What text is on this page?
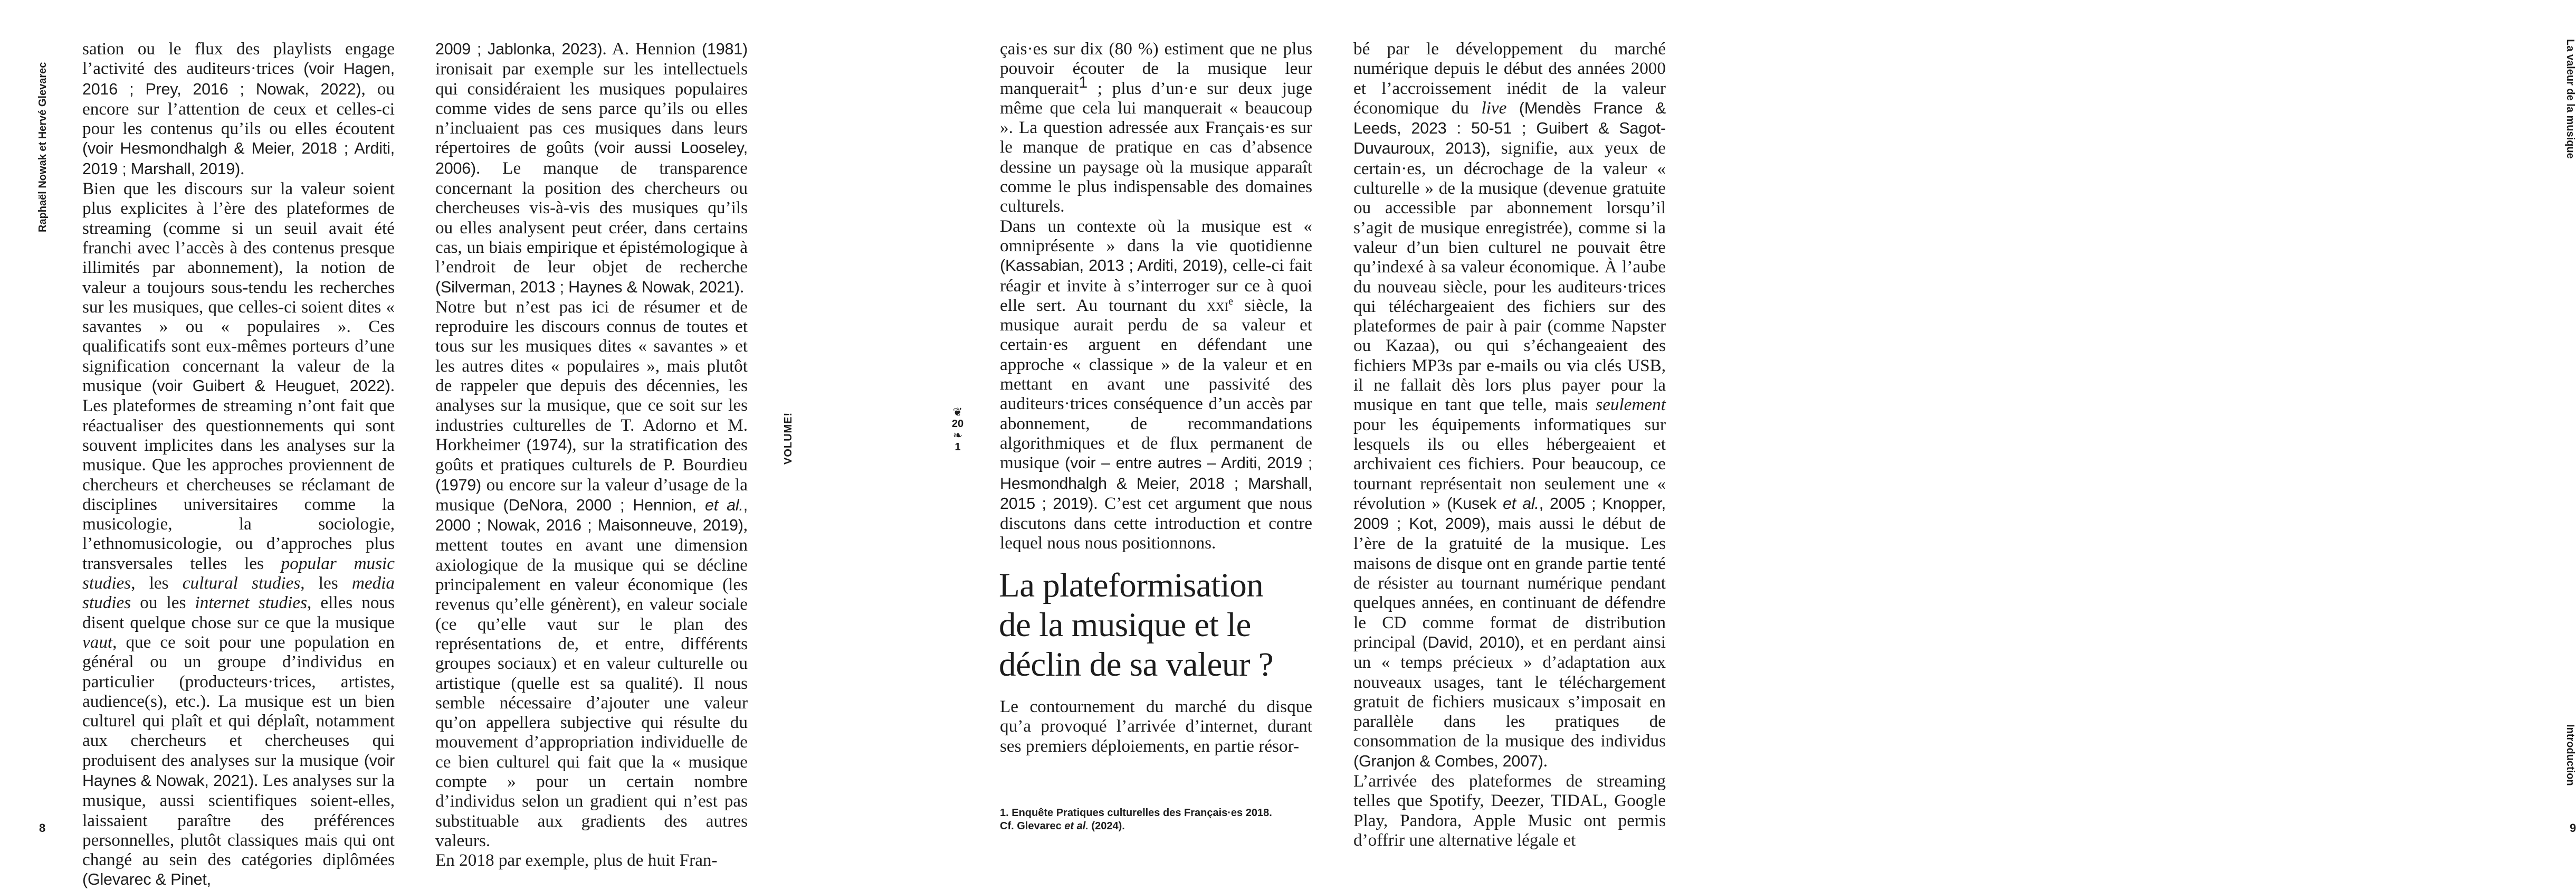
Raphaël Nowak et Hervé Glevarec

sation ou le flux des playlists engage l’activité des auditeurs·trices (voir Hagen, 2016 ; Prey, 2016 ; Nowak, 2022), ou encore sur l’attention de ceux et celles-ci pour les contenus qu’ils ou elles écoutent (voir Hesmondhalgh & Meier, 2018 ; Arditi, 2019 ; Marshall, 2019).

Bien que les discours sur la valeur soient plus explicites à l’ère des plateformes de streaming (comme si un seuil avait été franchi avec l’accès à des contenus presque illimités par abonnement), la notion de valeur a toujours sous-tendu les recherches sur les musiques, que celles-ci soient dites « savantes » ou « populaires ». Ces qualificatifs sont eux-mêmes porteurs d’une signification concernant la valeur de la musique (voir Guibert & Heuguet, 2022). Les plateformes de streaming n’ont fait que réactualiser des questionnements qui sont souvent implicites dans les analyses sur la musique. Que les approches proviennent de chercheurs et chercheuses se réclamant de disciplines universitaires comme la musicologie, la sociologie, l’ethnomusicologie, ou d’approches plus transversales telles les popular music studies, les cultural studies, les media studies ou les internet studies, elles nous disent quelque chose sur ce que la musique vaut, que ce soit pour une population en général ou un groupe d’individus en particulier (producteurs·trices, artistes, audience(s), etc.). La musique est un bien culturel qui plaît et qui déplaît, notamment aux chercheurs et chercheuses qui produisent des analyses sur la musique (voir Haynes & Nowak, 2021). Les analyses sur la musique, aussi scientifiques soient-elles, laissaient paraître des préférences personnelles, plutôt classiques mais qui ont changé au sein des catégories diplômées (Glevarec & Pinet,

2009 ; Jablonka, 2023). A. Hennion (1981) ironisait par exemple sur les intellectuels qui considéraient les musiques populaires comme vides de sens parce qu’ils ou elles n’incluaient pas ces musiques dans leurs répertoires de goûts (voir aussi Looseley, 2006). Le manque de transparence concernant la position des chercheurs ou chercheuses vis-à-vis des musiques qu’ils ou elles analysent peut créer, dans certains cas, un biais empirique et épistémologique à l’endroit de leur objet de recherche (Silverman, 2013 ; Haynes & Nowak, 2021).

Notre but n’est pas ici de résumer et de reproduire les discours connus de toutes et tous sur les musiques dites « savantes » et les autres dites « populaires », mais plutôt de rappeler que depuis des décennies, les analyses sur la musique, que ce soit sur les industries culturelles de T. Adorno et M. Horkheimer (1974), sur la stratification des goûts et pratiques culturels de P. Bourdieu (1979) ou encore sur la valeur d’usage de la musique (DeNora, 2000 ; Hennion, et al., 2000 ; Nowak, 2016 ; Maisonneuve, 2019), mettent toutes en avant une dimension axiologique de la musique qui se décline principalement en valeur économique (les revenus qu’elle génèrent), en valeur sociale (ce qu’elle vaut sur le plan des représentations de, et entre, différents groupes sociaux) et en valeur culturelle ou artistique (quelle est sa qualité). Il nous semble nécessaire d’ajouter une valeur qu’on appellera subjective qui résulte du mouvement d’appropriation individuelle de ce bien culturel qui fait que la « musique compte » pour un certain nombre d’individus selon un gradient qui n’est pas substituable aux gradients des autres valeurs.

En 2018 par exemple, plus de huit Fran-

VOLUME!
8
❦
20

❧
1
La valeur de la musique
Introduction
9

çais·es sur dix (80 %) estiment que ne plus pouvoir écouter de la musique leur manquerait$^1$ ; plus d’un·e sur deux juge même que cela lui manquerait « beaucoup ». La question adressée aux Français·es sur le manque de pratique en cas d’absence dessine un paysage où la musique apparaît comme le plus indispensable des domaines culturels.

Dans un contexte où la musique est « omniprésente » dans la vie quotidienne (Kassabian, 2013 ; Arditi, 2019), celle-ci fait réagir et invite à s’interroger sur ce à quoi elle sert. Au tournant du xxi$^e$ siècle, la musique aurait perdu de sa valeur et certain·es arguent en défendant une approche « classique » de la valeur et en mettant en avant une passivité des auditeurs·trices conséquence d’un accès par abonnement, de recommandations algorithmiques et de flux permanent de musique (voir – entre autres – Arditi, 2019 ; Hesmondhalgh & Meier, 2018 ; Marshall, 2015 ; 2019). C’est cet argument que nous discutons dans cette introduction et contre lequel nous nous positionnons.

La plateformisation
de la musique et le
déclin de sa valeur ?
Le contournement du marché du disque qu’a provoqué l’arrivée d’internet, durant ses premiers déploiements, en partie résor-
1. Enquête Pratiques culturelles des Français·es 2018.
Cf. Glevarec et al. (2024).

bé par le développement du marché numérique depuis le début des années 2000 et l’accroissement inédit de la valeur économique du live (Mendès France & Leeds, 2023 : 50-51 ; Guibert & Sagot-Duvauroux, 2013), signifie, aux yeux de certain·es, un décrochage de la valeur « culturelle » de la musique (devenue gratuite ou accessible par abonnement lorsqu’il s’agit de musique enregistrée), comme si la valeur d’un bien culturel ne pouvait être qu’indexé à sa valeur économique. À l’aube du nouveau siècle, pour les auditeurs·trices qui téléchargeaient des fichiers sur des plateformes de pair à pair (comme Napster ou Kazaa), ou qui s’échangeaient des fichiers MP3s par e-mails ou via clés USB, il ne fallait dès lors plus payer pour la musique en tant que telle, mais seulement pour les équipements informatiques sur lesquels ils ou elles hébergeaient et archivaient ces fichiers. Pour beaucoup, ce tournant représentait non seulement une « révolution » (Kusek et al., 2005 ; Knopper, 2009 ; Kot, 2009), mais aussi le début de l’ère de la gratuité de la musique. Les maisons de disque ont en grande partie tenté de résister au tournant numérique pendant quelques années, en continuant de défendre le CD comme format de distribution principal (David, 2010), et en perdant ainsi un « temps précieux » d’adaptation aux nouveaux usages, tant le téléchargement gratuit de fichiers musicaux s’imposait en parallèle dans les pratiques de consommation de la musique des individus (Granjon & Combes, 2007).

L’arrivée des plateformes de streaming telles que Spotify, Deezer, TIDAL, Google Play, Pandora, Apple Music ont permis d’offrir une alternative légale et
